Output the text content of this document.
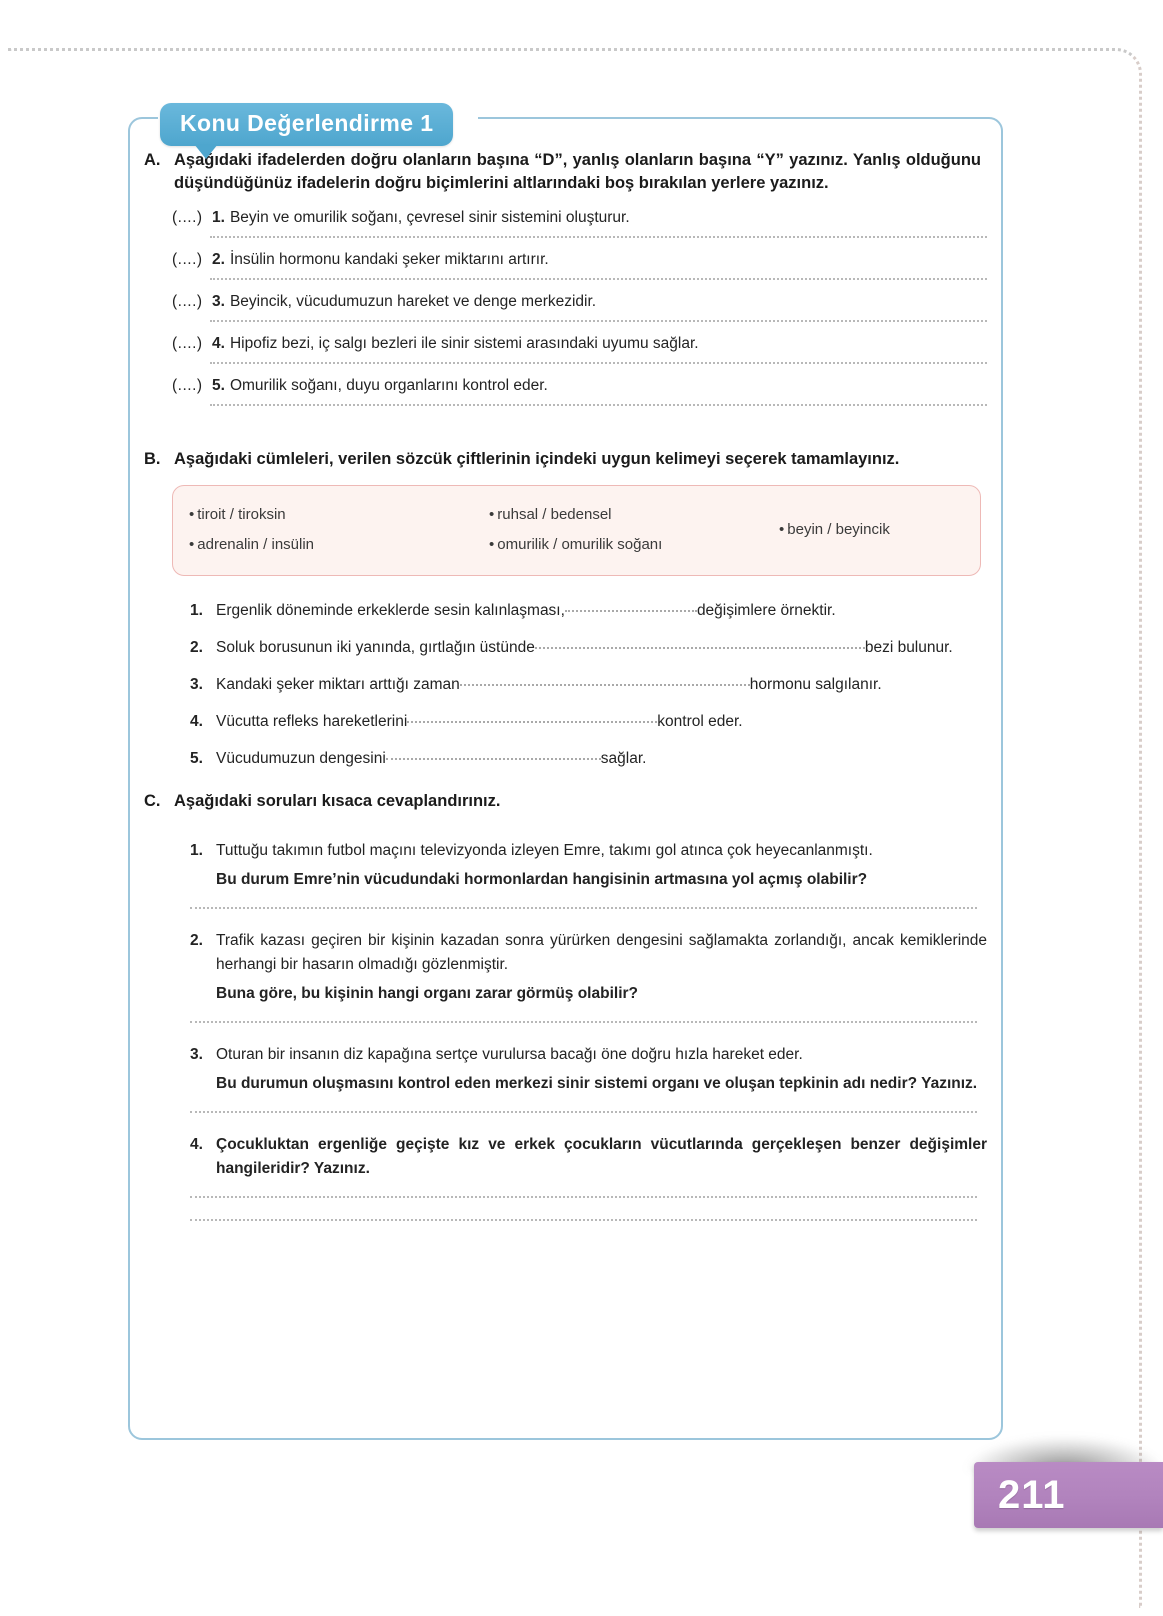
A. Aşağıdaki ifadelerden doğru olanların başına “D”, yanlış olanların başına “Y” yazınız. Yanlış olduğunu düşündüğünüz ifadelerin doğru biçimlerini altlarındaki boş bırakılan yerlere yazınız.
(....) 1. Beyin ve omurilik soğanı, çevresel sinir sistemini oluşturur.
(....) 2. İnsülin hormonu kandaki şeker miktarını artırır.
(....) 3. Beyincik, vücudumuzun hareket ve denge merkezidir.
(....) 4. Hipofiz bezi, iç salgı bezleri ile sinir sistemi arasındaki uyumu sağlar.
(....) 5. Omurilik soğanı, duyu organlarını kontrol eder.
B. Aşağıdaki cümleleri, verilen sözcük çiftlerinin içindeki uygun kelimeyi seçerek tamamlayınız.
• tiroit / tiroksin
• adrenalin / insülin
• ruhsal / bedensel
• omurilik / omurilik soğanı
• beyin / beyincik
1. Ergenlik döneminde erkeklerde sesin kalınlaşması,	değişimlere örnektir.
2. Soluk borusunun iki yanında, gırtlağın üstünde	bezi bulunur.
3. Kandaki şeker miktarı arttığı zaman	hormonu salgılanır.
4. Vücutta refleks hareketlerini	kontrol eder.
5. Vücudumuzun dengesini	sağlar.
C. Aşağıdaki soruları kısaca cevaplandırınız.
1. Tuttuğu takımın futbol maçını televizyonda izleyen Emre, takımı gol atınca çok heyecanlanmıştı.
Bu durum Emre’nin vücudundaki hormonlardan hangisinin artmasına yol açmış olabilir?
2. Trafik kazası geçiren bir kişinin kazadan sonra yürürken dengesini sağlamakta zorlandığı, ancak kemiklerinde herhangi bir hasarın olmadığı gözlenmiştir.
Buna göre, bu kişinin hangi organı zarar görmüş olabilir?
3. Oturan bir insanın diz kapağına sertçe vurulursa bacağı öne doğru hızla hareket eder.
Bu durumun oluşmasını kontrol eden merkezi sinir sistemi organı ve oluşan tepkinin adı nedir? Yazınız.
4. Çocukluktan ergenliğe geçişte kız ve erkek çocukların vücutlarında gerçekleşen benzer değişimler hangileridir? Yazınız.
Konu Değerlendirme 1
211
